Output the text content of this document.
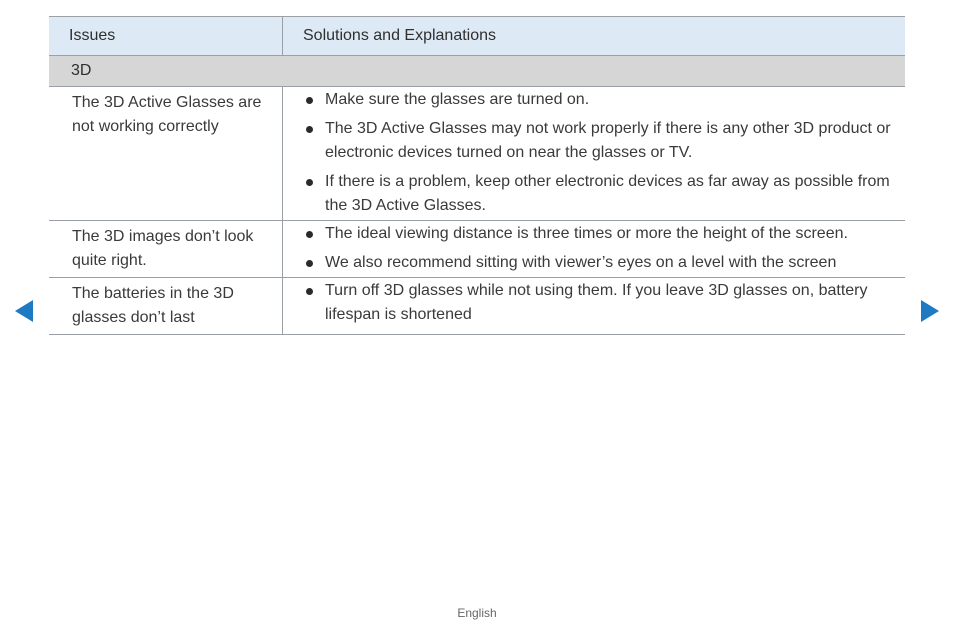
Issues	Solutions and Explanations
3D
The 3D Active Glasses are not working correctly
Make sure the glasses are turned on.
The 3D Active Glasses may not work properly if there is any other 3D product or electronic devices turned on near the glasses or TV.
If there is a problem, keep other electronic devices as far away as possible from the 3D Active Glasses.
The 3D images don’t look quite right.
The ideal viewing distance is three times or more the height of the screen.
We also recommend sitting with viewer’s eyes on a level with the screen
The batteries in the 3D glasses don’t last
Turn off 3D glasses while not using them. If you leave 3D glasses on, battery lifespan is shortened
English
